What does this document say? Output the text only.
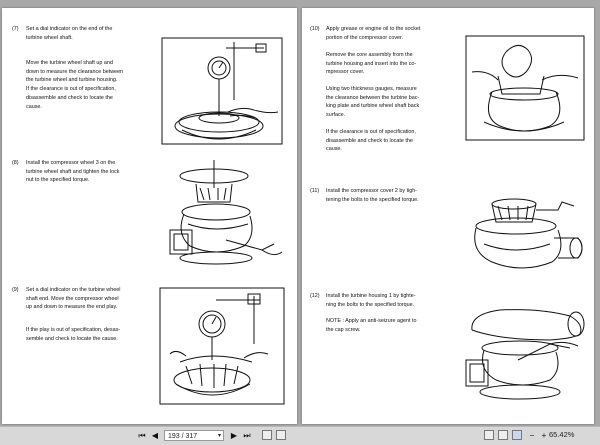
(7) Set a dial indicator on the end of the
turbine wheel shaft.
Move the turbine wheel shaft up and
down to measure the clearance between
the turbine wheel and turbine housing.
If the clearance is out of specification,
disassemble and check to locate the
cause.
(8) Install the compressor wheel 3 on the
turbine wheel shaft and tighten the lock
nut to the specified torque.
(9) Set a dial indicator on the turbine wheel
shaft end. Move the compressor wheel
up and down to measure the end play.
If the play is out of specification, desas-
semble and check to locate the cause.
(10) Apply grease or engine oil to the socket
portion of the compressor cover.
Remove the core assembly from the
turbine housing and insert into the co-
mpressor cover.
Using two thickness gauges, measure
the clearance between the turbine bac-
king plate and turbine wheel shaft back
surface.
If the clearance is out of specification,
disassemble and check to locate the
cause.
(11) Install the compressor cover 2 by tigh-
tening the bolts to the specified torque.
(12) Install the turbine housing 1 by tighte-
ning the bolts to the specified torque.
NOTE : Apply an anti-seizure agent to
the cap screw.
⏮ ◀	193 / 317	▾	▶ ⏭	− + 65.42%
